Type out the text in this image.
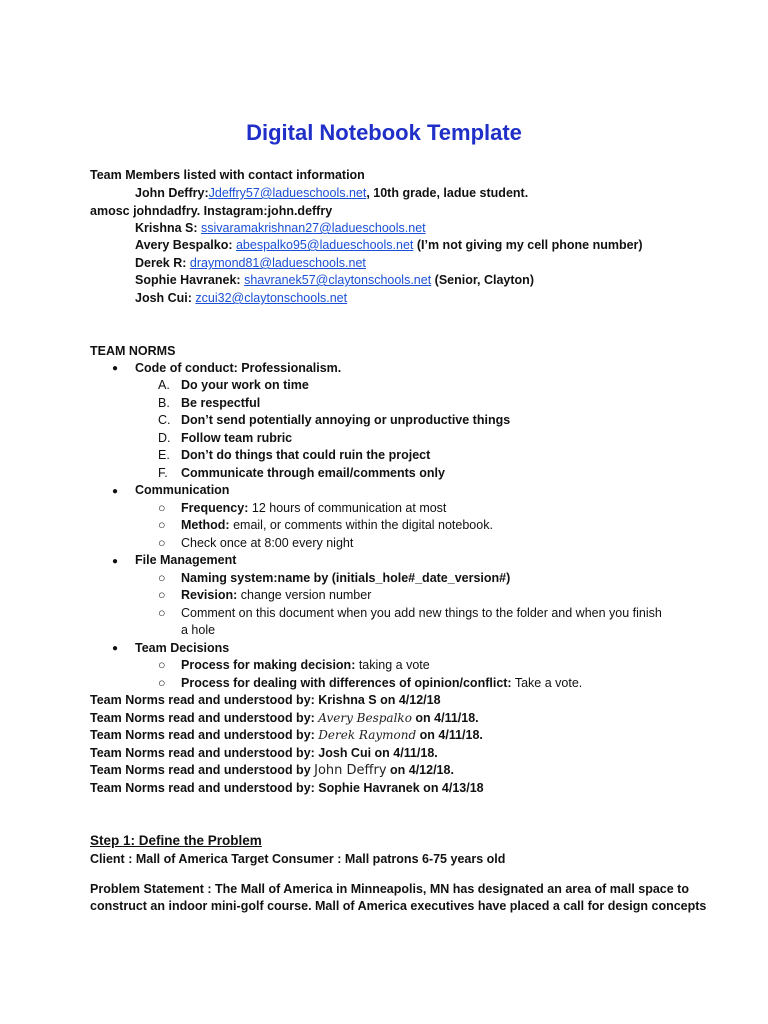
Digital Notebook Template
Team Members listed with contact information
John Deffry:Jdeffry57@ladueschools.net, 10th grade, ladue student.
amosc johndadfry. Instagram:john.deffry
Krishna S: ssivaramakrishnan27@ladueschools.net
Avery Bespalko: abespalko95@ladueschools.net (I’m not giving my cell phone number)
Derek R: draymond81@ladueschools.net
Sophie Havranek: shavranek57@claytonschools.net (Senior, Clayton)
Josh Cui: zcui32@claytonschools.net
TEAM NORMS
● Code of conduct: Professionalism.
A. Do your work on time
B. Be respectful
C. Don’t send potentially annoying or unproductive things
D. Follow team rubric
E. Don’t do things that could ruin the project
F. Communicate through email/comments only
● Communication
○ Frequency: 12 hours of communication at most
○ Method: email, or comments within the digital notebook.
○ Check once at 8:00 every night
● File Management
○ Naming system:name by (initials_hole#_date_version#)
○ Revision: change version number
○ Comment on this document when you add new things to the folder and when you finish
a hole
● Team Decisions
○ Process for making decision: taking a vote
○ Process for dealing with differences of opinion/conflict: Take a vote.
Team Norms read and understood by: Krishna S on 4/12/18
Team Norms read and understood by: Avery Bespalko on 4/11/18.
Team Norms read and understood by: Derek Raymond on 4/11/18.
Team Norms read and understood by: Josh Cui on 4/11/18.
Team Norms read and understood by John Deffry on 4/12/18.
Team Norms read and understood by: Sophie Havranek on 4/13/18
Step 1: Define the Problem
Client : Mall of America Target Consumer : Mall patrons 6-75 years old
Problem Statement : The Mall of America in Minneapolis, MN has designated an area of mall space to
construct an indoor mini-golf course. Mall of America executives have placed a call for design concepts
